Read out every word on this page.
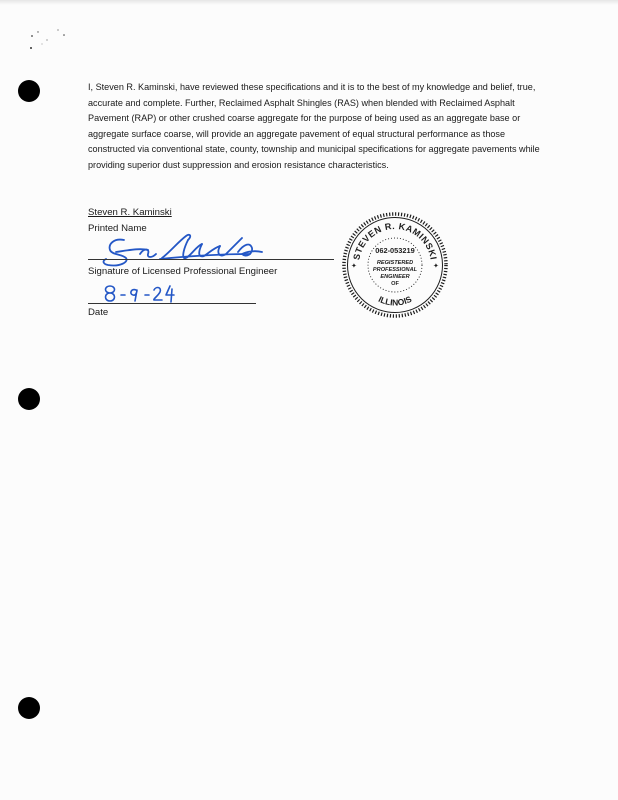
I, Steven R. Kaminski, have reviewed these specifications and it is to the best of my knowledge and belief, true, accurate and complete. Further, Reclaimed Asphalt Shingles (RAS) when blended with Reclaimed Asphalt Pavement (RAP) or other crushed coarse aggregate for the purpose of being used as an aggregate base or aggregate surface coarse, will provide an aggregate pavement of equal structural performance as those constructed via conventional state, county, township and municipal specifications for aggregate pavements while providing superior dust suppression and erosion resistance characteristics.

Steven R. Kaminski
Printed Name
Signature of Licensed Professional Engineer
Date
STEVEN R. KAMINSKI
ILLINOIS
✦	✦
062-053219
REGISTERED
PROFESSIONAL
ENGINEER
OF
